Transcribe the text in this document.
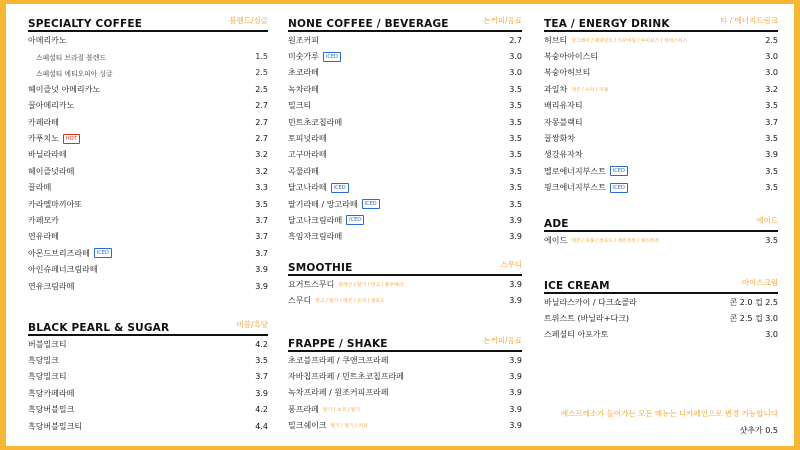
SPECIALTY COFFEE	블렌드/싱글
아메리카노
스페셜티 브라질 블렌드	1.5
스페셜티 에티오피아 싱글	2.5
헤이즐넛 아메리카노	2.5
꿀아메리카노	2.7
카페라떼	2.7
카푸치노	HOT	2.7
바닐라라떼	3.2
헤이즐넛라떼	3.2
꿀라떼	3.3
카라멜마끼아또	3.5
카페모카	3.7
연유라떼	3.7
아몬드브리즈라떼	ICED	3.7
아인슈페너크림라떼	3.9
연유크림라떼	3.9
BLACK PEARL & SUGAR	버블/흑당
버블밀크티	4.2
흑당밀크	3.5
흑당밀크티	3.7
흑당카페라떼	3.9
흑당버블밀크	4.2
흑당버블밀크티	4.4
NONE COFFEE / BEVERAGE	논커피/음료
원조커피	2.7
미숫가루	ICED	3.0
초코라떼	3.0
녹차라떼	3.5
밀크티	3.5
민트초코칩라떼	3.5
토피넛라떼	3.5
고구마라떼	3.5
곡물라떼	3.5
달고나라떼	ICED	3.5
딸기라떼 / 망고라떼	ICED	3.5
달고나크림라떼	ICED	3.9
흑임자크림라떼	3.9
SMOOTHIE	스무디
요거트스무디 플레인 / 딸기 / 망고 / 블루베리	3.9
스무디 망고 / 딸기 / 레몬 / 유자 / 청포도	3.9
FRAPPE / SHAKE	논커피/음료
초코블프라페 / 쿠앤크프라페	3.9
자바칩프라페 / 민트초코칩프라페	3.9
녹차프라페 / 원조커피프라페	3.9
퐁프라페 딸기 / 초코 / 딸기	3.9
밀크쉐이크 딸기 / 딸기 / 커피	3.9
TEA / ENERGY DRINK	티 / 에너지드링크
허브티 얼그레이 / 페퍼민트 / 카모마일 / 루이보스 / 히비스커스	2.5
복숭아아이스티	3.0
복숭아허브티	3.0
과일차 레몬 / 유자 / 자몽	3.2
배리유자티	3.5
자몽블랙티	3.7
꿀쌍화차	3.5
생강유자차	3.9
멜로에너지부스트	ICED	3.5
핑크에너지부스트	ICED	3.5
ADE	에이드
에이드 레몬 / 자몽 / 청포도 / 레몬톡톡 / 체리톡톡	3.5
ICE CREAM	아이스크림
바닐라스카이 / 다크쇼콜라	콘 2.0 컵 2.5
트위스트 (바닐라+다크)	콘 2.5 컵 3.0
스페셜티 아포가토	3.0
에스프레소가 들어가는 모든 메뉴는 디카페인으로 변경 가능합니다
샷추가 0.5
